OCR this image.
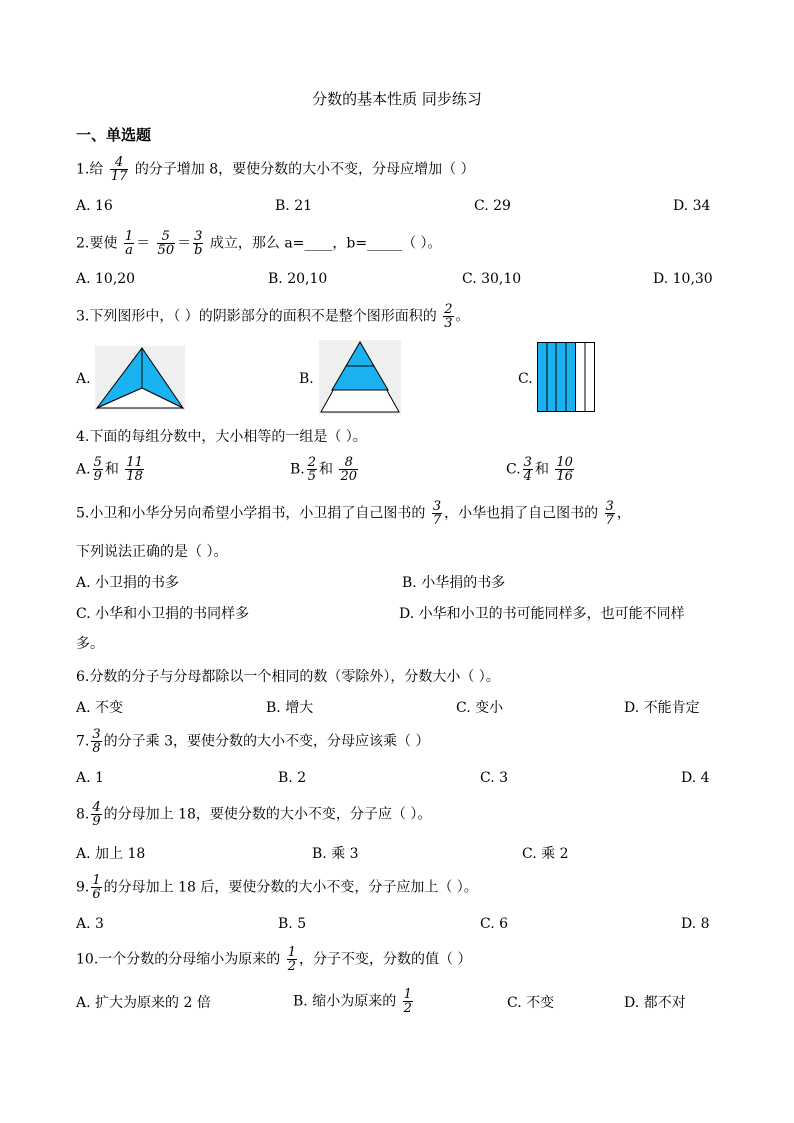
分数的基本性质 同步练习
一、单选题
1.给 $\frac{4}{17}$ 的分子增加 8，要使分数的大小不变，分母应增加（ ）
A. 16	B. 21	C. 29	D. 34
2.要使 $\frac{1}{a} = \frac{5}{50} = \frac{3}{b}$ 成立，那么 a=____，b=_____（ ）。
A. 10,20	B. 20,10	C. 30,10	D. 10,30
3.下列图形中，（ ）的阴影部分的面积不是整个图形面积的 $\frac{2}{3}$ 。
A.	B.	C.
4.下面的每组分数中，大小相等的一组是（ ）。
A. $\frac{5}{9}$ 和 $\frac{11}{18}$	B. $\frac{2}{5}$ 和 $\frac{8}{20}$	C. $\frac{3}{4}$ 和 $\frac{10}{16}$
5.小卫和小华分另向希望小学捐书，小卫捐了自己图书的 $\frac{3}{7}$ ，小华也捐了自己图书的 $\frac{3}{7}$ ，
下列说法正确的是（ ）。
A. 小卫捐的书多	B. 小华捐的书多
C. 小华和小卫捐的书同样多	D. 小华和小卫的书可能同样多，也可能不同样
多。
6.分数的分子与分母都除以一个相同的数（零除外），分数大小（ ）。
A. 不变	B. 增大	C. 变小	D. 不能肯定
7. $\frac{3}{8}$ 的分子乘 3，要使分数的大小不变，分母应该乘（ ）
A. 1	B. 2	C. 3	D. 4
8. $\frac{4}{9}$ 的分母加上 18，要使分数的大小不变，分子应（ ）。
A. 加上 18	B. 乘 3	C. 乘 2
9. $\frac{1}{6}$ 的分母加上 18 后，要使分数的大小不变，分子应加上（ ）。
A. 3	B. 5	C. 6	D. 8
10.一个分数的分母缩小为原来的 $\frac{1}{2}$ ，分子不变，分数的值（ ）
A. 扩大为原来的 2 倍	B. 缩小为原来的 $\frac{1}{2}$	C. 不变	D. 都不对
